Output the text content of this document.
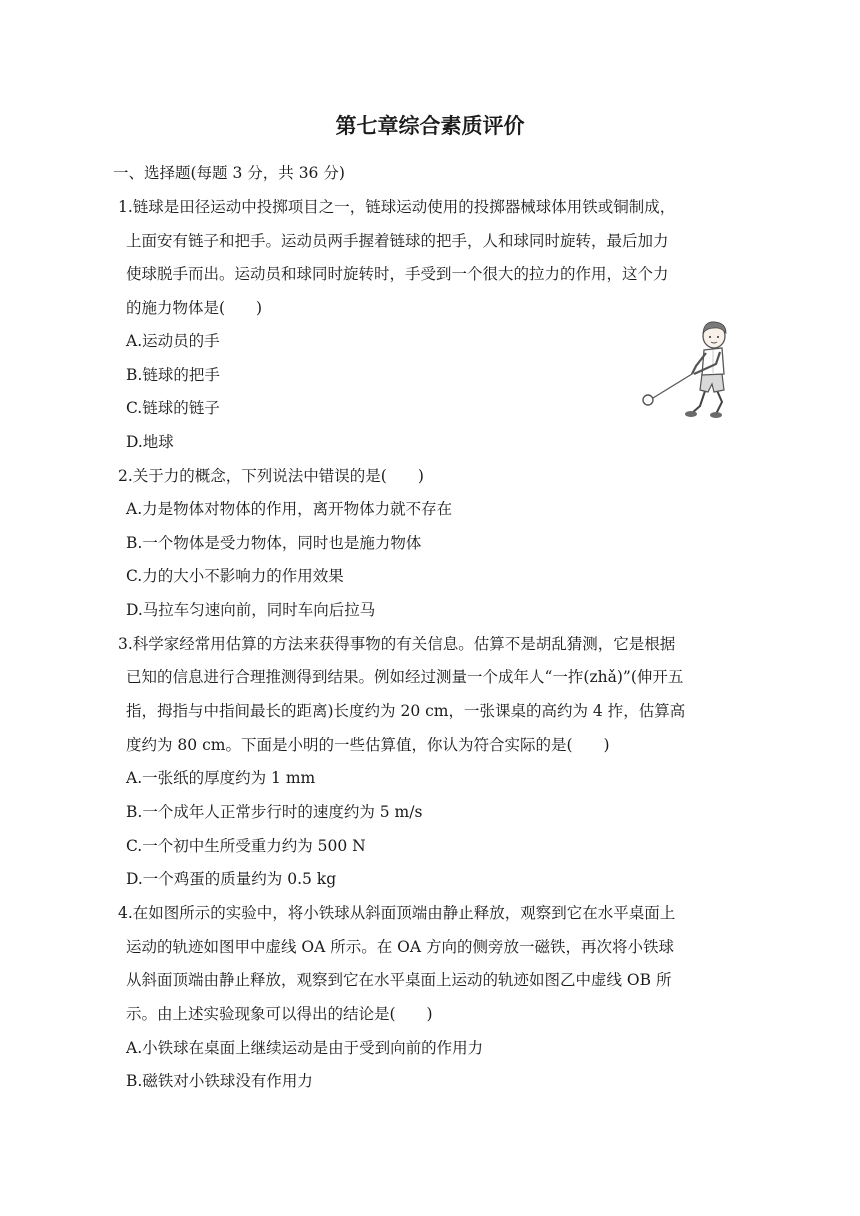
第七章综合素质评价
一、选择题(每题 3 分，共 36 分)
1.链球是田径运动中投掷项目之一，链球运动使用的投掷器械球体用铁或铜制成，
上面安有链子和把手。运动员两手握着链球的把手，人和球同时旋转，最后加力
使球脱手而出。运动员和球同时旋转时，手受到一个很大的拉力的作用，这个力
的施力物体是(　　)
A.运动员的手
B.链球的把手
C.链球的链子
D.地球
2.关于力的概念，下列说法中错误的是(　　)
A.力是物体对物体的作用，离开物体力就不存在
B.一个物体是受力物体，同时也是施力物体
C.力的大小不影响力的作用效果
D.马拉车匀速向前，同时车向后拉马
3.科学家经常用估算的方法来获得事物的有关信息。估算不是胡乱猜测，它是根据
已知的信息进行合理推测得到结果。例如经过测量一个成年人“一拃(zhǎ)”(伸开五
指，拇指与中指间最长的距离)长度约为 20 cm，一张课桌的高约为 4 拃，估算高
度约为 80 cm。下面是小明的一些估算值，你认为符合实际的是(　　)
A.一张纸的厚度约为 1 mm
B.一个成年人正常步行时的速度约为 5 m/s
C.一个初中生所受重力约为 500 N
D.一个鸡蛋的质量约为 0.5 kg
4.在如图所示的实验中，将小铁球从斜面顶端由静止释放，观察到它在水平桌面上
运动的轨迹如图甲中虚线 OA 所示。在 OA 方向的侧旁放一磁铁，再次将小铁球
从斜面顶端由静止释放，观察到它在水平桌面上运动的轨迹如图乙中虚线 OB 所
示。由上述实验现象可以得出的结论是(　　)
A.小铁球在桌面上继续运动是由于受到向前的作用力
B.磁铁对小铁球没有作用力
